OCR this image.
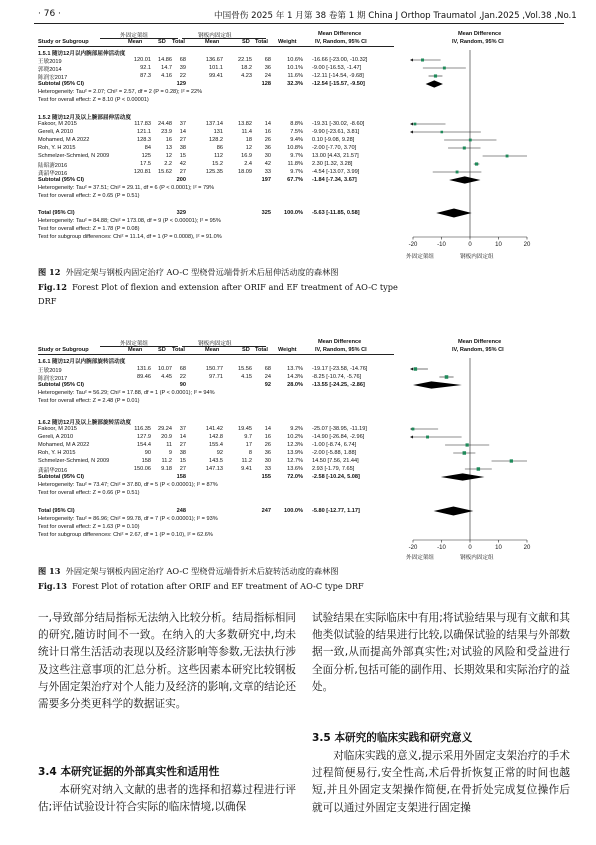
· 76 ·	中国骨伤 2025 年 1 月第 38 卷第 1 期 China J Orthop Traumatol ,Jan.2025 ,Vol.38 ,No.1
外固定架组	钢板内固定组	Mean Difference	Mean Difference
Study or Subgroup	Mean	SD Total	Mean	SD Total Weight	IV, Random, 95% CI	IV, Random, 95% CI
1.5.1 随访12月以内腕部屈伸活动度
王敏2019	120.01	14.86	68	136.67	22.15	68	10.6% -16.66 [-23.00, -10.32]
郭晓2014	92.1	14.7	39	101.1	18.2	36	10.1% -9.00 [-16.53, -1.47]
陈润宏2017	87.3	4.16	22	99.41	4.23	24	11.6% -12.11 [-14.54, -9.68]
Subtotal (95% CI)	129	128	32.3% -12.54 [-15.57, -9.50]
Heterogeneity: Tau² = 2.07; Chi² = 2.57, df = 2 (P = 0.28); I² = 22%
Test for overall effect: Z = 8.10 (P < 0.00001)
1.5.2 随访12月及以上腕部屈伸活动度
Fakoor, M 2015	117.83	24.48	37	137.14	13.82	14	8.8% -19.31 [-30.02, -8.60]
Gereli, A 2010	121.1	23.9	14	131	11.4	16	7.5% -9.90 [-23.61, 3.81]
Mohamed, M A 2022	128.3	16	27	128.2	18	26	9.4% 0.10 [-9.08, 9.28]
Roh, Y. H 2015	84	13	38	86	12	36	10.8% -2.00 [-7.70, 3.70]
Schmelzer-Schmied, N 2009	125	12	15	112	16.9	30	9.7% 13.00 [4.43, 21.57]
陆昭溏2016	17.5	2.2	42	15.2	2.4	42	11.8% 2.30 [1.32, 3.28]
龚韶华2016	120.81	15.62	27	125.35	18.09	33	9.7% -4.54 [-13.07, 3.99]
Subtotal (95% CI)	200	197	67.7% -1.84 [-7.34, 3.67]
Heterogeneity: Tau² = 37.51; Chi² = 29.11, df = 6 (P < 0.0001); I² = 79%
Test for overall effect: Z = 0.65 (P = 0.51)
Total (95% CI)	329	325	100.0% -5.63 [-11.85, 0.58]
Heterogeneity: Tau² = 84.88; Chi² = 173.08, df = 9 (P < 0.00001); I² = 95%
Test for overall effect: Z = 1.78 (P = 0.08)
Test for subgroup differences: Chi² = 11.14, df = 1 (P = 0.0008), I² = 91.0%
-20	-10	0	10	20
外固定架组	钢板内固定组
图 12 外固定架与钢板内固定治疗 AO-C 型桡骨远端骨折术后屈伸活动度的森林图
Fig.12 Forest Plot of flexion and extension after ORIF and EF treatment of AO-C type
DRF
外固定架组	钢板内固定组	Mean Difference	Mean Difference
Study or Subgroup	Mean	SD Total	Mean	SD Total Weight	IV, Random, 95% CI	IV, Random, 95% CI
1.6.1 随访12月以内腕部旋转活动度
王敏2019	131.6	10.07	68	150.77	15.56	68	13.7% -19.17 [-23.58, -14.76]
陈润宏2017	89.46	4.45	22	97.71	4.15	24	14.3% -8.25 [-10.74, -5.76]
Subtotal (95% CI)	90	92	28.0% -13.55 [-24.25, -2.86]
Heterogeneity: Tau² = 56.29; Chi² = 17.88, df = 1 (P < 0.0001); I² = 94%
Test for overall effect: Z = 2.48 (P = 0.01)
1.6.2 随访12月及以上腕部旋转活动度
Fakoor, M 2015	116.35	29.24	37	141.42	19.45	14	9.2% -25.07 [-38.95, -11.19]
Gereli, A 2010	127.9	20.9	14	142.8	9.7	16	10.2% -14.90 [-26.84, -2.96]
Mohamed, M A 2022	154.4	11	27	155.4	17	26	12.3% -1.00 [-8.74, 6.74]
Roh, Y. H 2015	90	9	38	92	8	36	13.9% -2.00 [-5.88, 1.88]
Schmelzer-Schmied, N 2009	158	11.2	15	143.5	11.2	30	12.7% 14.50 [7.56, 21.44]
龚韶华2016	150.06	9.18	27	147.13	9.41	33	13.6% 2.93 [-1.79, 7.65]
Subtotal (95% CI)	158	155	72.0% -2.58 [-10.24, 5.08]
Heterogeneity: Tau² = 73.47; Chi² = 37.80, df = 5 (P < 0.00001); I² = 87%
Test for overall effect: Z = 0.66 (P = 0.51)
Total (95% CI)	248	247	100.0% -5.80 [-12.77, 1.17]
Heterogeneity: Tau² = 86.96; Chi² = 99.78, df = 7 (P < 0.00001); I² = 93%
Test for overall effect: Z = 1.63 (P = 0.10)
Test for subgroup differences: Chi² = 2.67, df = 1 (P = 0.10), I² = 62.6%
-20	-10	0	10	20
外固定架组	钢板内固定组
图 13 外固定架与钢板内固定治疗 AO-C 型桡骨远端骨折术后旋转活动度的森林图
Fig.13 Forest Plot of rotation after ORIF and EF treatment of AO-C type DRF
一,导致部分结局指标无法纳入比较分析。结局指标相同的研究,随访时间不一致。在纳入的大多数研究中,均未统计日常生活活动表现以及经济影响等参数,无法执行涉及这些注意事项的汇总分析。这些因素本研究比较钢板与外固定架治疗对个人能力及经济的影响,文章的结论还需要多分类更科学的数据证实。
3.4 本研究证据的外部真实性和适用性
本研究对纳入文献的患者的选择和招募过程进行评估;评估试验设计符合实际的临床情境,以确保
试验结果在实际临床中有用;将试验结果与现有文献和其他类似试验的结果进行比较,以确保试验的结果与外部数据一致,从而提高外部真实性;对试验的风险和受益进行全面分析,包括可能的副作用、长期效果和实际治疗的益处。
3.5 本研究的临床实践和研究意义
对临床实践的意义,提示采用外固定支架治疗的手术过程简便易行,安全性高,术后骨折恢复正常的时间也越短,并且外固定支架操作简便,在骨折处完成复位操作后就可以通过外固定支架进行固定操
